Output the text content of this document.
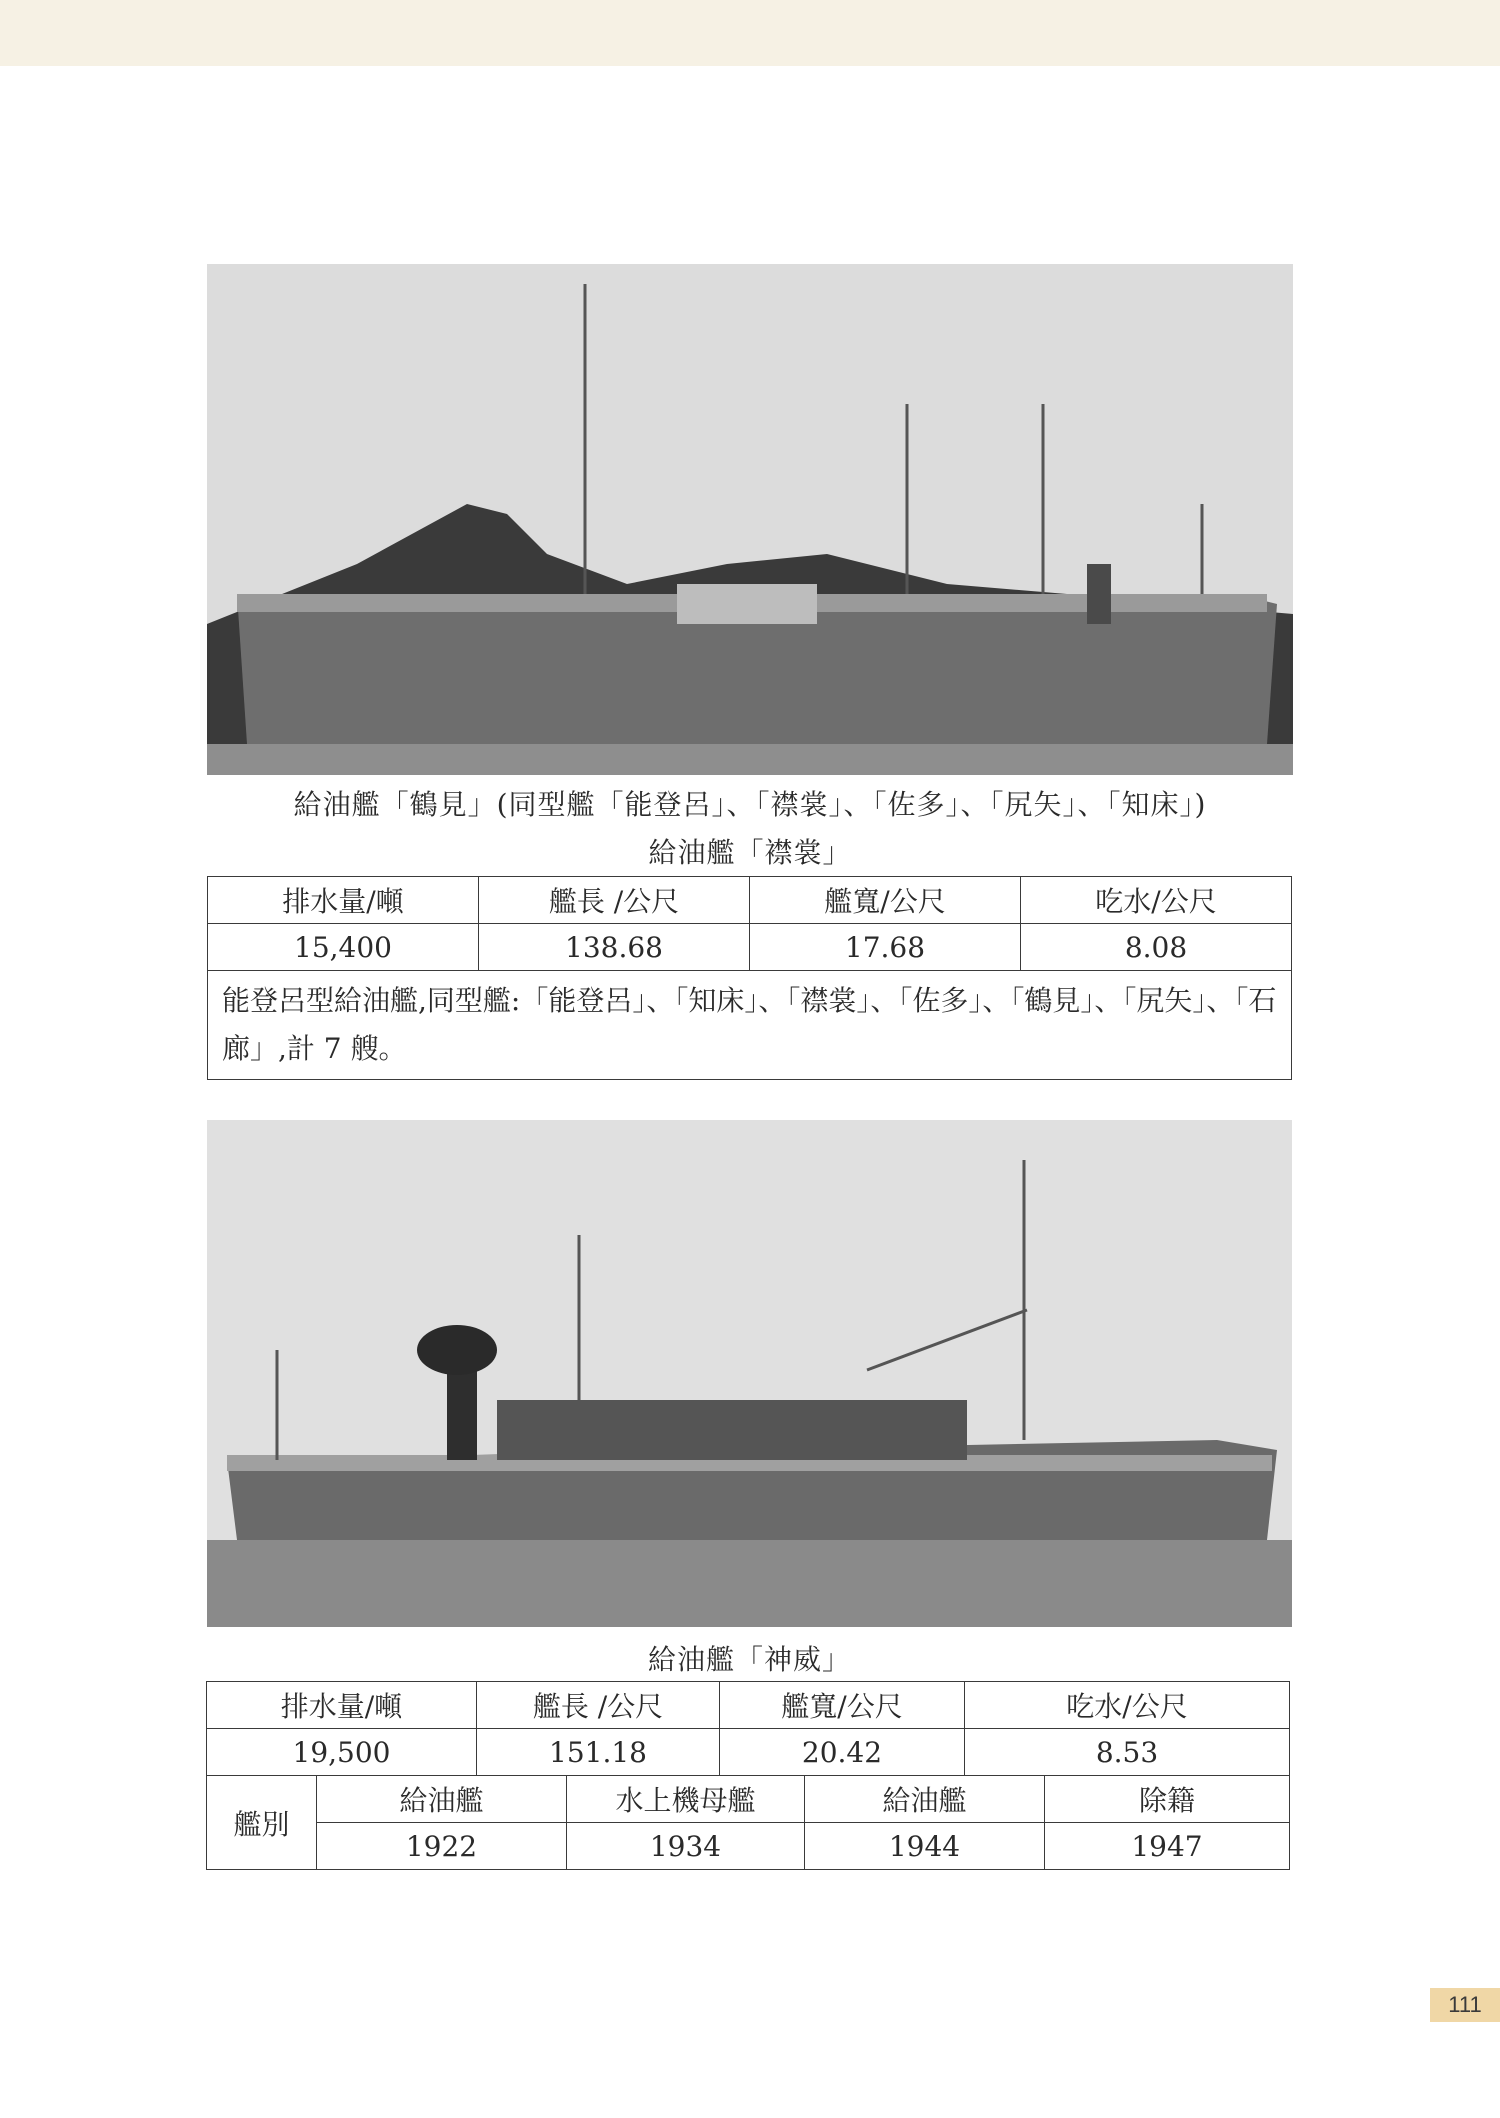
給油艦「鶴見」(同型艦「能登呂」、「襟裳」、「佐多」、「尻矢」、「知床」)
給油艦「襟裳」
排水量/噸	艦長 /公尺	艦寬/公尺	吃水/公尺
15,400	138.68	17.68	8.08
能登呂型給油艦,同型艦:「能登呂」、「知床」、「襟裳」、「佐多」、「鶴見」、「尻矢」、「石廊」,計 7 艘。			
給油艦「神威」
排水量/噸		艦長 /公尺		艦寬/公尺		吃水/公尺	
19,500		151.18		20.42		8.53	
艦別	給油艦		水上機母艦		給油艦		除籍
	1922		1934		1944		1947
111
